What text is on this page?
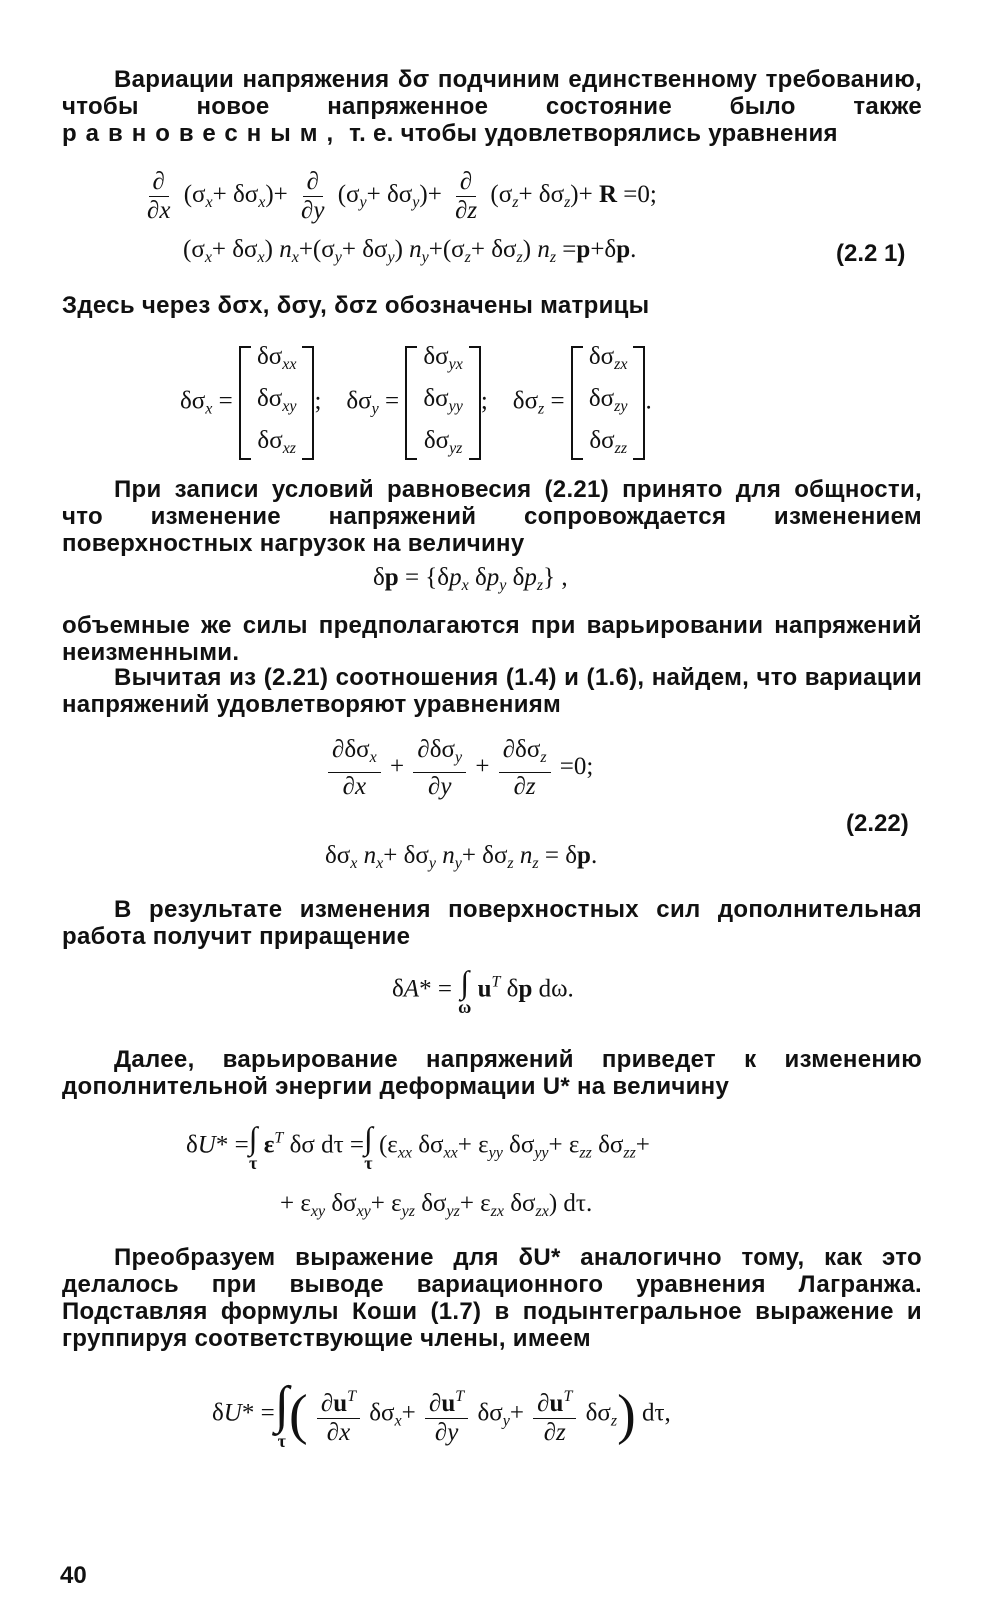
Вариации напряжения δσ подчиним единственному требованию, чтобы новое напряженное состояние было также равновесным, т. е. чтобы удовлетворялись уравнения
$\frac{\partial}{\partial x} (\sigma_x+ \delta\sigma_x)+ \frac{\partial}{\partial y} (\sigma_y+ \delta\sigma_y)+ \frac{\partial}{\partial z} (\sigma_z+ \delta\sigma_z)+ R =0$;
$(\sigma_x+ \delta\sigma_x)$ $n_x+(\sigma_y+ \delta\sigma_y)$ $n_y+(\sigma_z+ \delta\sigma_z)$ $n_z =p+\delta p$.	(2.2 1)
Здесь через δσx, δσy, δσz обозначены матрицы
$\delta\sigma_x$ =
$\delta\sigma_{xx}$
$\delta\sigma_{xy}$
$\delta\sigma_{xz}$
;    $\delta\sigma_y$ =
$\delta\sigma_{yx}$
$\delta\sigma_{yy}$
$\delta\sigma_{yz}$
;    $\delta\sigma_z$ =
$\delta\sigma_{zx}$
$\delta\sigma_{zy}$
$\delta\sigma_{zz}$
.
При записи условий равновесия (2.21) принято для общности, что изменение напряжений сопровождается изменением поверхностных нагрузок на величину
$\delta p = \{\delta p_x$ $\delta p_y$ $\delta p_z$} ,
объемные же силы предполагаются при варьировании напряжений неизменными.
Вычитая из (2.21) соотношения (1.4) и (1.6), найдем, что вариации напряжений удовлетворяют уравнениям
$\frac{\partial\delta\sigma_x}{\partial x} + \frac{\partial\delta\sigma_y}{\partial y} + \frac{\partial\delta\sigma_z}{\partial z} =0$;
(2.22)
$\delta\sigma_x$ $n_x+ \delta\sigma_y$ $n_y+ \delta\sigma_z$ $n_z = \delta p$.
В результате изменения поверхностных сил дополнительная работа получит приращение
δA* = ∫
ω
$u^T$ δp dω.
Далее, варьирование напряжений приведет к изменению дополнительной энергии деформации U* на величину
δU* = ∫
τ
$\varepsilon^T$ δσ dτ = ∫
τ
($\varepsilon_{xx}$ $\delta\sigma_{xx}+ \varepsilon_{yy}$ $\delta\sigma_{yy}+ \varepsilon_{zz}$ $\delta\sigma_{zz}+$
+ $\varepsilon_{xy}$ $\delta\sigma_{xy}+ \varepsilon_{yz}$ $\delta\sigma_{yz}+ \varepsilon_{zx}$ $\delta\sigma_{zx}$) dτ.
Преобразуем выражение для δU* аналогично тому, как это делалось при выводе вариационного уравнения Лагранжа. Подставляя формулы Коши (1.7) в подынтегральное выражение и группируя соответствующие члены, имеем
δU* = ∫
τ ( $\frac{\partial u^T}{\partial x} \delta\sigma_x+ \frac{\partial u^T}{\partial y} \delta\sigma_y+ \frac{\partial u^T}{\partial z} \delta\sigma_z$) dτ,
40
